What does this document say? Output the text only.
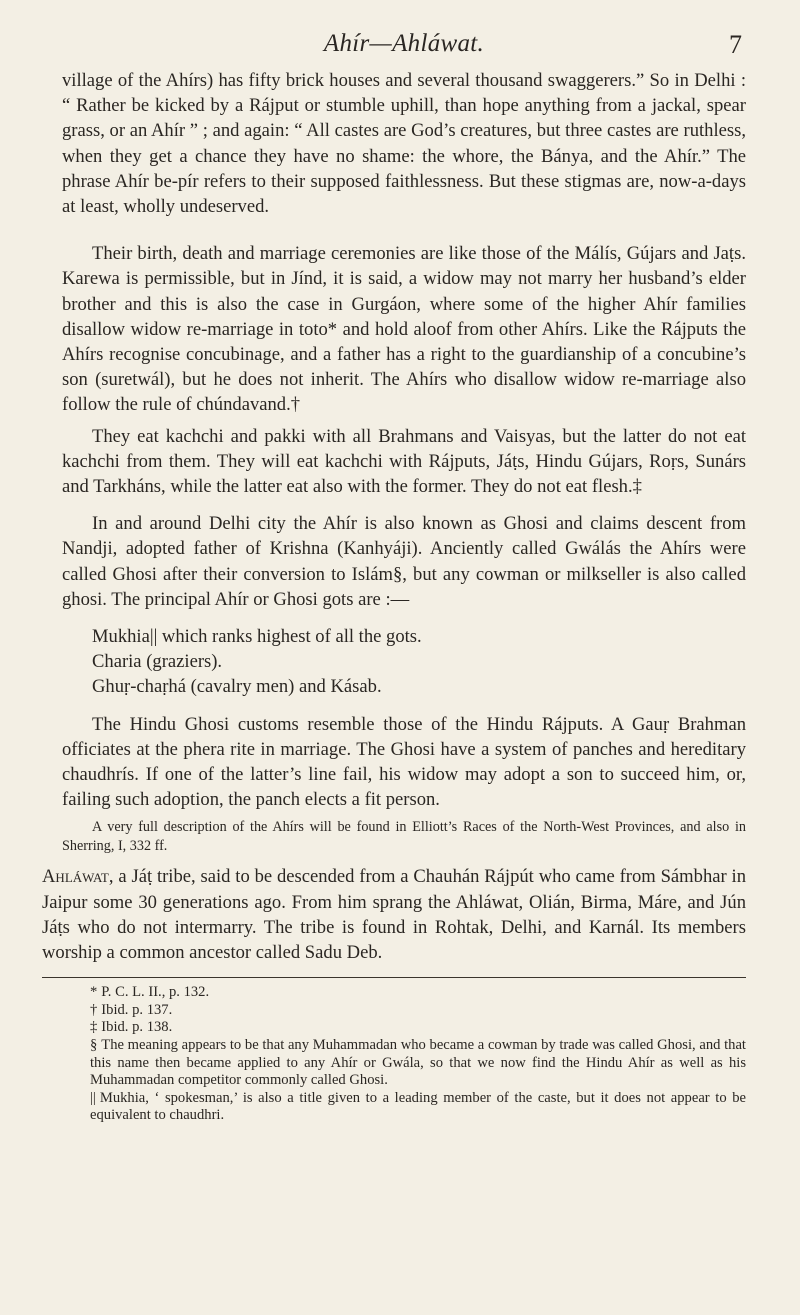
Ahír—Ahláwat.	7

village of the Ahírs) has fifty brick houses and several thousand swaggerers.” So in Delhi : “ Rather be kicked by a Rájput or stumble uphill, than hope anything from a jackal, spear grass, or an Ahír ” ; and again: “ All castes are God’s creatures, but three castes are ruthless, when they get a chance they have no shame: the whore, the Bánya, and the Ahír.” The phrase Ahír be-pír refers to their supposed faithlessness. But these stigmas are, now-a-days at least, wholly undeserved.

Their birth, death and marriage ceremonies are like those of the Málís, Gújars and Jaṭs. Karewa is permissible, but in Jínd, it is said, a widow may not marry her husband’s elder brother and this is also the case in Gurgáon, where some of the higher Ahír families disallow widow re-marriage in toto* and hold aloof from other Ahírs. Like the Rájputs the Ahírs recognise concubinage, and a father has a right to the guardianship of a concubine’s son (suretwál), but he does not inherit. The Ahírs who disallow widow re-marriage also follow the rule of chúndavand.†

They eat kachchi and pakki with all Brahmans and Vaisyas, but the latter do not eat kachchi from them. They will eat kachchi with Rájputs, Jáṭs, Hindu Gújars, Roṛs, Sunárs and Tarkháns, while the latter eat also with the former. They do not eat flesh.‡

In and around Delhi city the Ahír is also known as Ghosi and claims descent from Nandji, adopted father of Krishna (Kanhyáji). Anciently called Gwálás the Ahírs were called Ghosi after their conversion to Islám§, but any cowman or milkseller is also called ghosi. The principal Ahír or Ghosi gots are :—

Mukhia|| which ranks highest of all the gots.

Charia (graziers).

Ghuṛ-chaṛhá (cavalry men) and Kásab.

The Hindu Ghosi customs resemble those of the Hindu Rájputs. A Gauṛ Brahman officiates at the phera rite in marriage. The Ghosi have a system of panches and hereditary chaudhrís. If one of the latter’s line fail, his widow may adopt a son to succeed him, or, failing such adoption, the panch elects a fit person.

A very full description of the Ahírs will be found in Elliott’s Races of the North-West Provinces, and also in Sherring, I, 332 ff.

Ahláwat, a Jáṭ tribe, said to be descended from a Chauhán Rájpút who came from Sámbhar in Jaipur some 30 generations ago. From him sprang the Ahláwat, Olián, Birma, Máre, and Jún Jáṭs who do not intermarry. The tribe is found in Rohtak, Delhi, and Karnál. Its members worship a common ancestor called Sadu Deb.

* P. C. L. II., p. 132.

† Ibid. p. 137.

‡ Ibid. p. 138.

§ The meaning appears to be that any Muhammadan who became a cowman by trade was called Ghosi, and that this name then became applied to any Ahír or Gwála, so that we now find the Hindu Ahír as well as his Muhammadan competitor commonly called Ghosi.

|| Mukhia, ‘ spokesman,’ is also a title given to a leading member of the caste, but it does not appear to be equivalent to chaudhri.
